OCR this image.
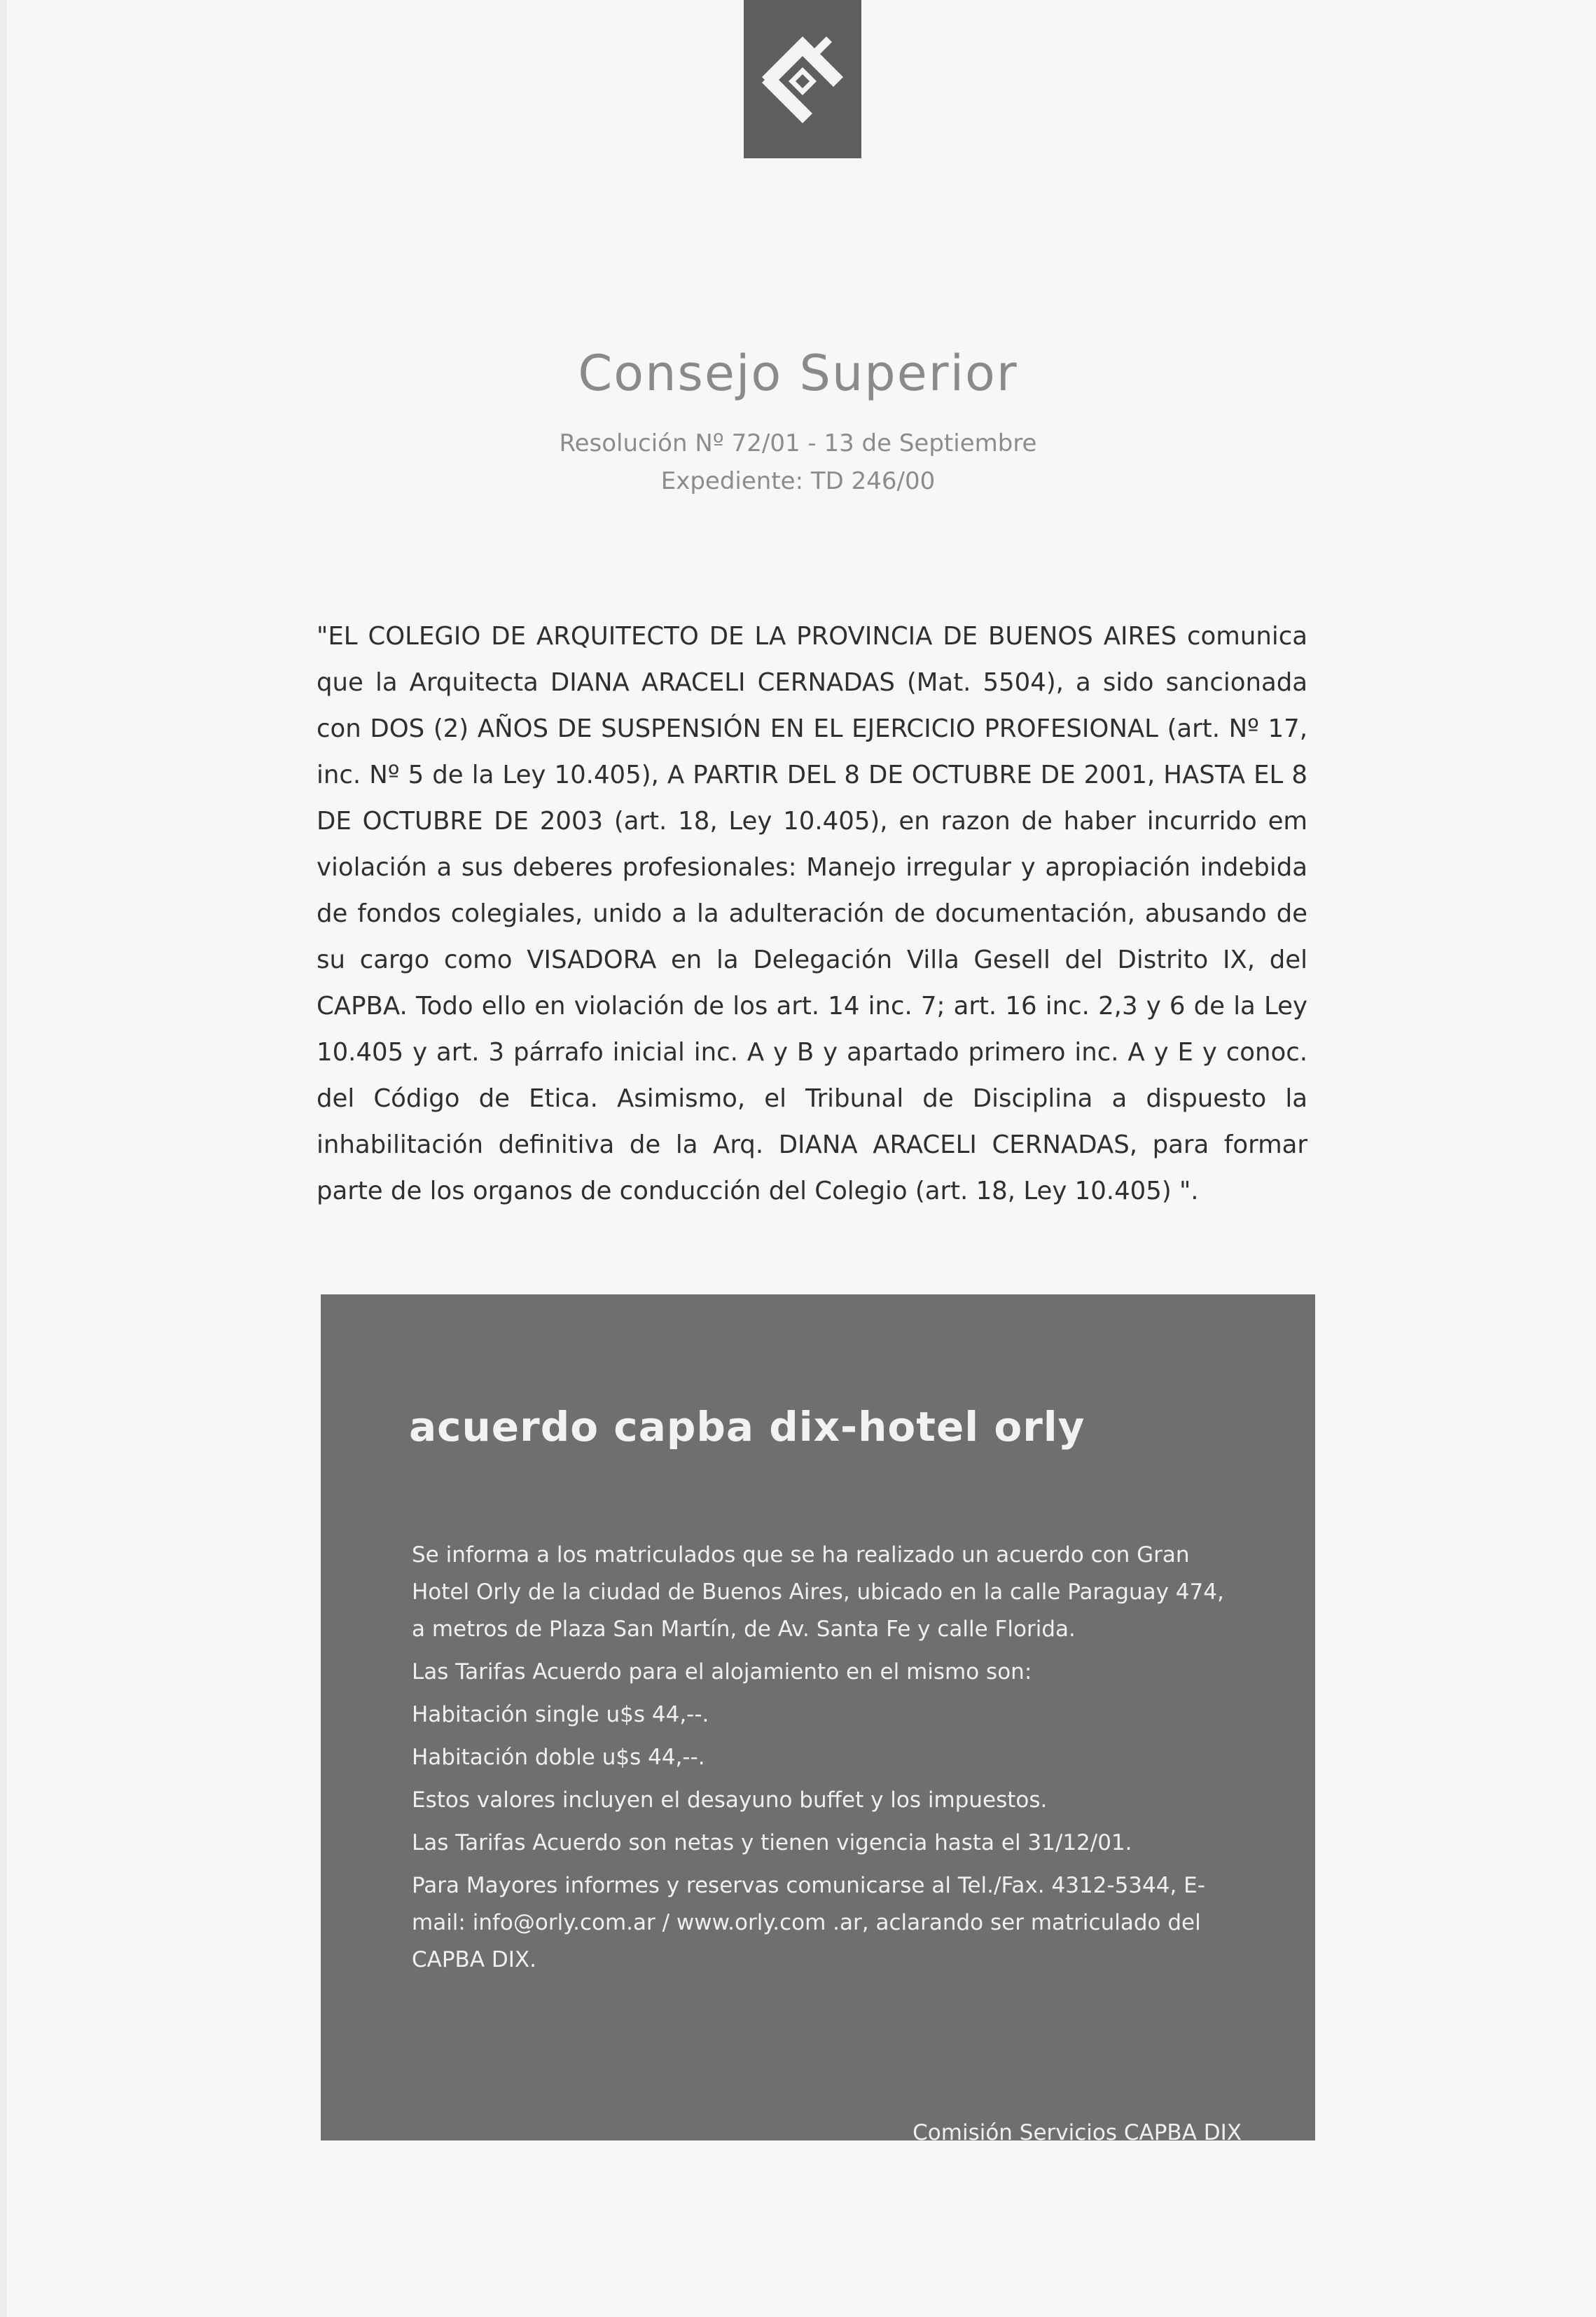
Consejo Superior
Resolución Nº 72/01 - 13 de Septiembre
Expediente: TD 246/00

"EL COLEGIO DE ARQUITECTO DE LA PROVINCIA DE BUENOS AIRES comunica que la Arquitecta DIANA ARACELI CERNADAS (Mat. 5504), a sido sancionada con DOS (2) AÑOS DE SUSPENSIÓN EN EL EJERCICIO PROFESIONAL (art. Nº 17, inc. Nº 5 de la Ley 10.405), A PARTIR DEL 8 DE OCTUBRE DE 2001, HASTA EL 8 DE OCTUBRE DE 2003 (art. 18, Ley 10.405), en razon de haber incurrido em violación a sus deberes profesionales: Manejo irregular y apropiación indebida de fondos colegiales, unido a la adulteración de documentación, abusando de su cargo como VISADORA en la Delegación Villa Gesell del Distrito IX, del CAPBA. Todo ello en violación de los art. 14 inc. 7; art. 16 inc. 2,3 y 6 de la Ley 10.405 y art. 3 párrafo inicial inc. A y B y apartado primero inc. A y E y conoc. del Código de Etica. Asimismo, el Tribunal de Disciplina a dispuesto la inhabilitación definitiva de la Arq. DIANA ARACELI CERNADAS, para formar parte de los organos de conducción del Colegio (art. 18, Ley 10.405) ".

acuerdo capba dix-hotel orly

Se informa a los matriculados que se ha realizado un acuerdo con Gran Hotel Orly de la ciudad de Buenos Aires, ubicado en la calle Paraguay 474, a metros de Plaza San Martín, de Av. Santa Fe y calle Florida.

Las Tarifas Acuerdo para el alojamiento en el mismo son:

Habitación single u$s 44,--.

Habitación doble u$s 44,--.

Estos valores incluyen el desayuno buffet y los impuestos.

Las Tarifas Acuerdo son netas y tienen vigencia hasta el 31/12/01.

Para Mayores informes y reservas comunicarse al Tel./Fax. 4312-5344, E-mail: info@orly.com.ar / www.orly.com .ar, aclarando ser matriculado del CAPBA DIX.

Comisión Servicios CAPBA DIX
